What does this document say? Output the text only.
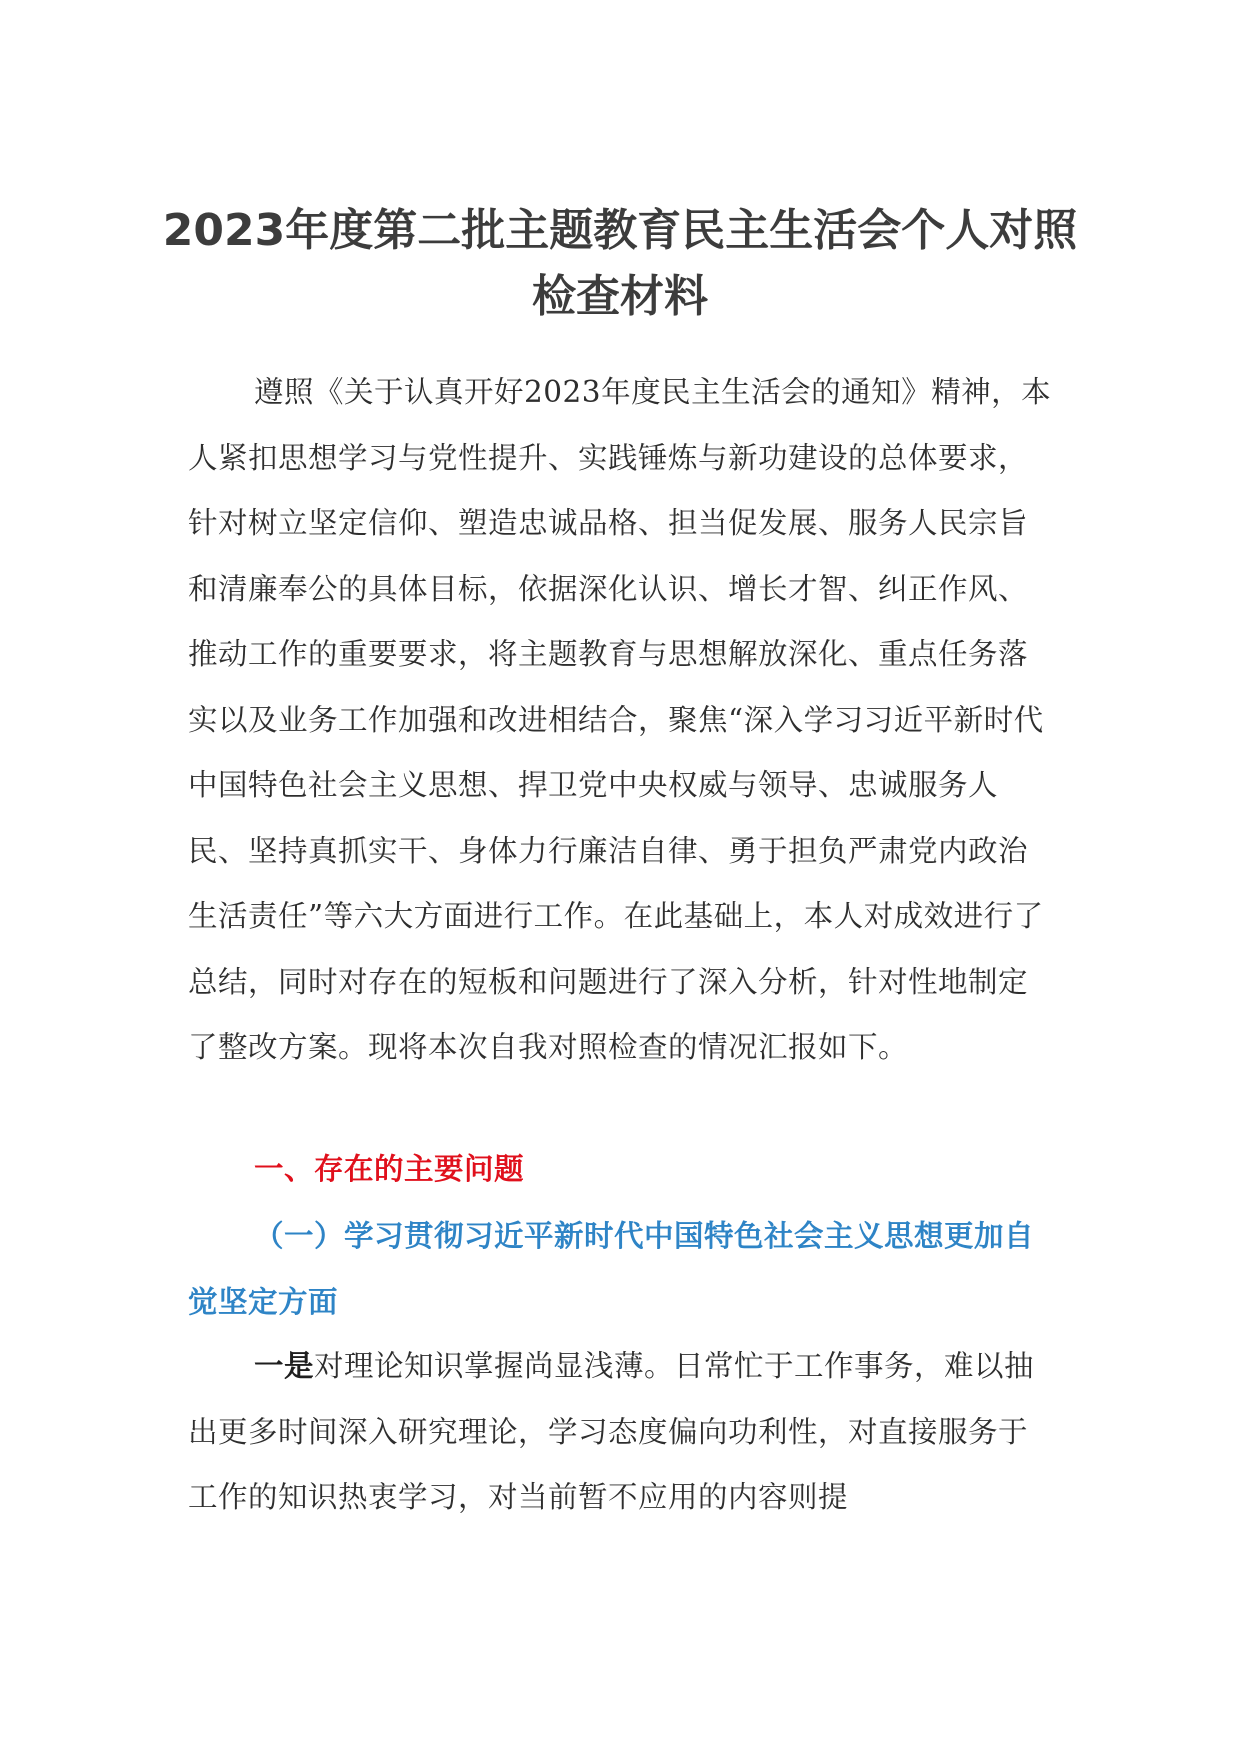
2023年度第二批主题教育民主生活会个人对照检查材料

遵照《关于认真开好2023年度民主生活会的通知》精神，本人紧扣思想学习与党性提升、实践锤炼与新功建设的总体要求，针对树立坚定信仰、塑造忠诚品格、担当促发展、服务人民宗旨和清廉奉公的具体目标，依据深化认识、增长才智、纠正作风、推动工作的重要要求，将主题教育与思想解放深化、重点任务落实以及业务工作加强和改进相结合，聚焦“深入学习习近平新时代中国特色社会主义思想、捍卫党中央权威与领导、忠诚服务人民、坚持真抓实干、身体力行廉洁自律、勇于担负严肃党内政治生活责任”等六大方面进行工作。在此基础上，本人对成效进行了总结，同时对存在的短板和问题进行了深入分析，针对性地制定了整改方案。现将本次自我对照检查的情况汇报如下。

一、存在的主要问题
（一）学习贯彻习近平新时代中国特色社会主义思想更加自觉坚定方面

一是对理论知识掌握尚显浅薄。日常忙于工作事务，难以抽出更多时间深入研究理论，学习态度偏向功利性，对直接服务于工作的知识热衷学习，对当前暂不应用的内容则提
